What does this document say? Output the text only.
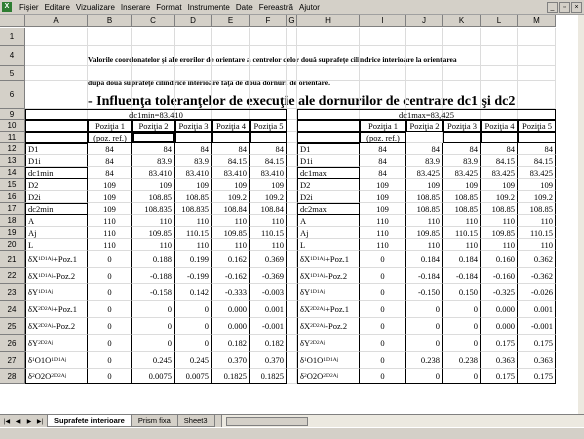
X	Fişier Editare Vizualizare Inserare Format Instrumente Date Fereastră Ajutor	_	▫	×
A	B	C	D	E	F	G	H	I	J	K	L	M
1
4
5
6
9
10
11
12
13
14
15
16
17
18
19
20
21
22
23
24
25
26
27
28
Valorile coordonatelor şi ale erorilor de orientare a centrelor celor două suprafeţe cilindrice interioare la orientarea
după două suprafeţe cilindrice interioare faţă de două dornuri de orientare.
- Influenţa toleranţelor de execuţie ale dornurilor de centrare dc1 şi dc2
dc1min=83.410
Poziţia 1	Poziţia 2	Poziţia 3 Poziţia 4 Poziţia 5
(poz. ref.)
D1	84	84	84	84	84
D1i	84	83.9	83.9	84.15	84.15
dc1min	84	83.410	83.410	83.410	83.410
D2	109	109	109	109	109
D2i	109	108.85	108.85	109.2	109.2
dc2min	109	108.835	108.835	108.84	108.84
A	110	110	110	110	110
Aj	110	109.85	110.15	109.85	110.15
L	110	110	110	110	110
δX 1D1 Aj +Poz.1	0	0.188	0.199	0.162	0.369
δX 1D1 Aj -Poz.2	0	-0.188	-0.199	-0.162	-0.369
δY 1D1 Aj	0	-0.158	0.142	-0.333	-0.003
δX 2D2 Aj +Poz.1	0	0	0	0.000	0.001
δX 2D2 Aj -Poz.2	0	0	0	0.000	-0.001
δY 2D2 Aj	0	0	0	0.182	0.182
δ 1 O1O 1D1 Aj	0	0.245	0.245	0.370	0.370
δ 2 O2O 2D2 Aj	0	0.0075	0.0075	0.1825	0.1825
dc1max=83,425
Poziţia 1	Poziţia 2 Poziţia 3 Poziţia 4 Poziţia 5
(poz. ref.)
D1	84	84	84	84	84
D1i	84	83.9	83.9	84.15	84.15
dc1max	84	83.425	83.425	83.425	83.425
D2	109	109	109	109	109
D2i	109	108.85	108.85	109.2	109.2
dc2max	109	108.85	108.85	108.85	108.85
A	110	110	110	110	110
Aj	110	109.85	110.15	109.85	110.15
L	110	110	110	110	110
δX 1D1 Aj +Poz.1	0	0.184	0.184	0.160	0.362
δX 1D1 Aj -Poz.2	0	-0.184	-0.184	-0.160	-0.362
δY 1D1 Aj	0	-0.150	0.150	-0.325	-0.026
δX 2D2 Aj +Poz.1	0	0	0	0.000	0.001
δX 2D2 Aj -Poz.2	0	0	0	0.000	-0.001
δY 2D2 Aj	0	0	0	0.175	0.175
δ 1 O1O 1D1 Aj	0	0.238	0.238	0.363	0.363
δ 2 O2O 2D2 Aj	0	0	0	0.175	0.175
|◀ ◀	▶ ▶|	Suprafete interioare	Prism fixa	Sheet3
